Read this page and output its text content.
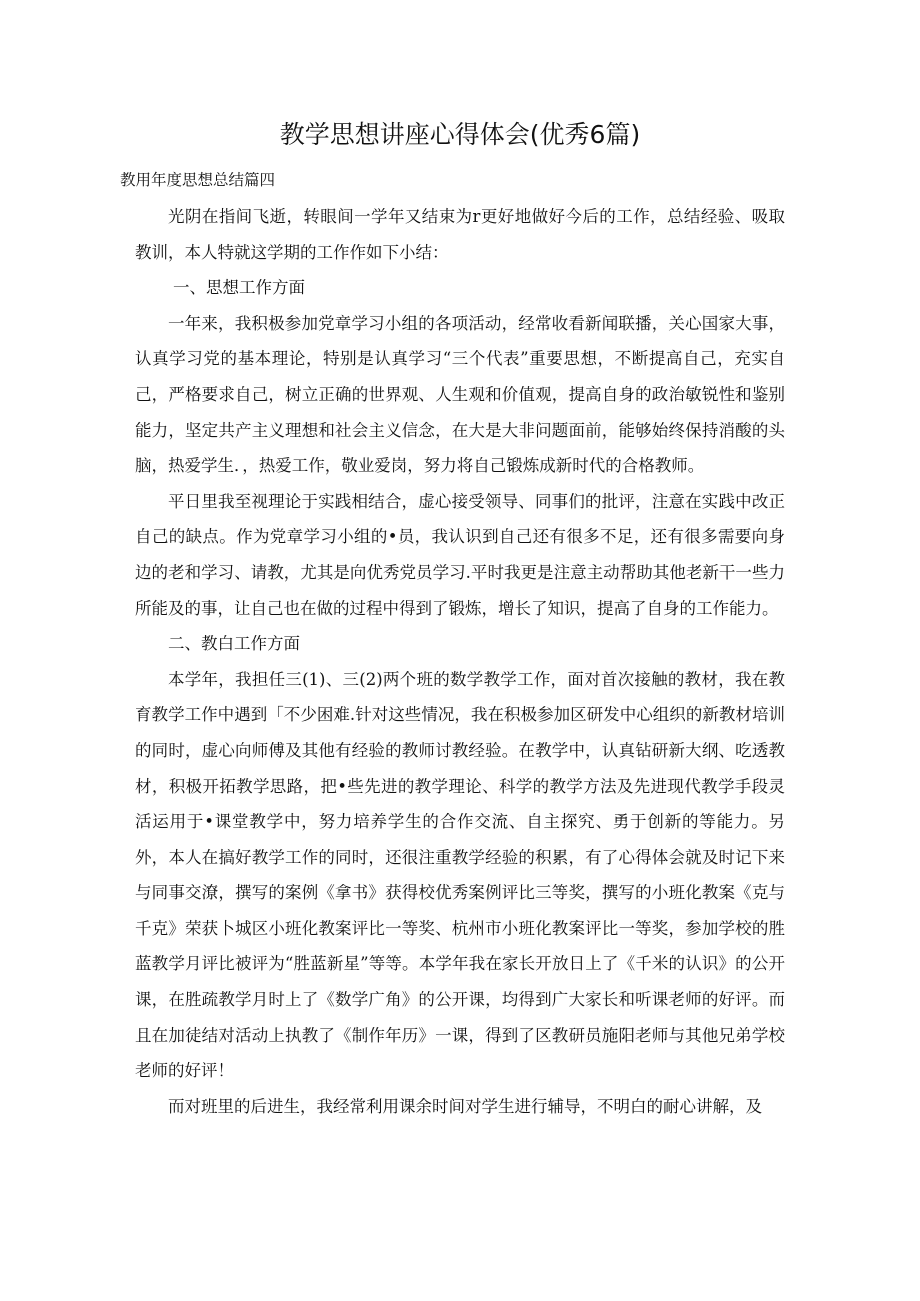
教学思想讲座心得体会(优秀6篇)
教用年度思想总结篇四

光阴在指间飞逝，转眼间一学年又结束为r更好地做好今后的工作，总结经验、吸取教训，本人特就这学期的工作作如下小结：

一、思想工作方面

一年来，我积极参加党章学习小组的各项活动，经常收看新闻联播，关心国家大事，认真学习党的基本理论，特别是认真学习“三个代表”重要思想，不断提高自己，充实自己，严格要求自己，树立正确的世界观、人生观和价值观，提高自身的政治敏锐性和鉴别能力，坚定共产主义理想和社会主义信念，在大是大非问题面前，能够始终保持消酸的头脑，热爱学生．，热爱工作，敬业爱岗，努力将自己锻炼成新时代的合格教师。

平日里我至视理论于实践相结合，虚心接受领导、同事们的批评，注意在实践中改正自己的缺点。作为党章学习小组的•员，我认识到自己还有很多不足，还有很多需要向身边的老和学习、请教，尤其是向优秀党员学习.平时我更是注意主动帮助其他老新干一些力所能及的事，让自己也在做的过程中得到了锻炼，增长了知识，提高了自身的工作能力。

二、教白工作方面

本学年，我担任三(1)、三(2)两个班的数学教学工作，面对首次接触的教材，我在教育教学工作中遇到「不少困难.针对这些情况，我在积极参加区研发中心组织的新教材培训的同时，虚心向师傅及其他有经验的教师讨教经验。在教学中，认真钻研新大纲、吃透教材，积极开拓教学思路，把•些先进的教学理论、科学的教学方法及先进现代教学手段灵活运用于•课堂教学中，努力培养学生的合作交流、自主探究、勇于创新的等能力。另外，本人在搞好教学工作的同时，还很注重教学经验的积累，有了心得体会就及时记下来与同事交潦，撰写的案例《拿书》获得校优秀案例评比三等奖，撰写的小班化教案《克与千克》荣获卜城区小班化教案评比一等奖、杭州市小班化教案评比一等奖，参加学校的胜蓝教学月评比被评为“胜蓝新星”等等。本学年我在家长开放日上了《千米的认识》的公开课，在胜疏教学月时上了《数学广角》的公开课，均得到广大家长和听课老师的好评。而且在加徒结对活动上执教了《制作年历》一课，得到了区教研员施阳老师与其他兄弟学校老师的好评！

而对班里的后进生，我经常利用课余时间对学生进行辅导，不明白的耐心讲解，及
